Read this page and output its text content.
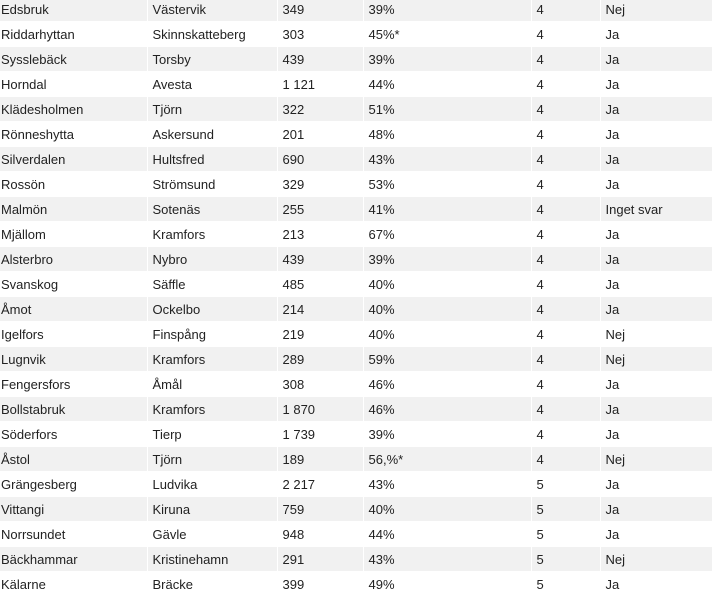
Edsbruk	Västervik	349	39%	4	Nej
Riddarhyttan	Skinnskatteberg	303	45%*	4	Ja
Sysslebäck	Torsby	439	39%	4	Ja
Horndal	Avesta	1 121	44%	4	Ja
Klädesholmen	Tjörn	322	51%	4	Ja
Rönneshytta	Askersund	201	48%	4	Ja
Silverdalen	Hultsfred	690	43%	4	Ja
Rossön	Strömsund	329	53%	4	Ja
Malmön	Sotenäs	255	41%	4	Inget svar
Mjällom	Kramfors	213	67%	4	Ja
Alsterbro	Nybro	439	39%	4	Ja
Svanskog	Säffle	485	40%	4	Ja
Åmot	Ockelbo	214	40%	4	Ja
Igelfors	Finspång	219	40%	4	Nej
Lugnvik	Kramfors	289	59%	4	Nej
Fengersfors	Åmål	308	46%	4	Ja
Bollstabruk	Kramfors	1 870	46%	4	Ja
Söderfors	Tierp	1 739	39%	4	Ja
Åstol	Tjörn	189	56,%*	4	Nej
Grängesberg	Ludvika	2 217	43%	5	Ja
Vittangi	Kiruna	759	40%	5	Ja
Norrsundet	Gävle	948	44%	5	Ja
Bäckhammar	Kristinehamn	291	43%	5	Nej
Kälarne	Bräcke	399	49%	5	Ja
